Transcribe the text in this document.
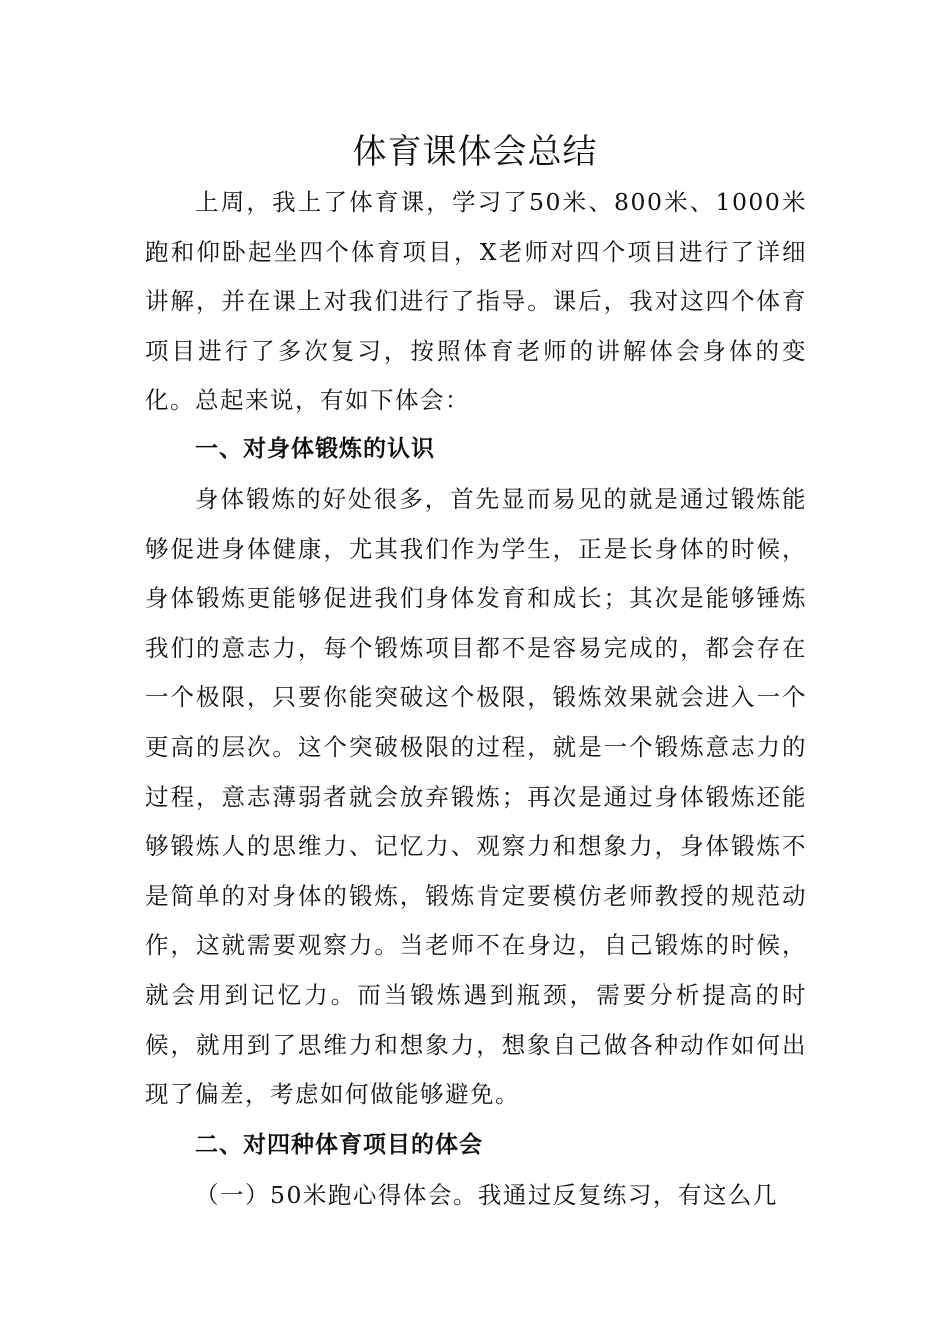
体育课体会总结

上周，我上了体育课，学习了50米、800米、1000米跑和仰卧起坐四个体育项目，X老师对四个项目进行了详细讲解，并在课上对我们进行了指导。课后，我对这四个体育项目进行了多次复习，按照体育老师的讲解体会身体的变化。总起来说，有如下体会：

一、对身体锻炼的认识

身体锻炼的好处很多，首先显而易见的就是通过锻炼能够促进身体健康，尤其我们作为学生，正是长身体的时候，身体锻炼更能够促进我们身体发育和成长；其次是能够锤炼我们的意志力，每个锻炼项目都不是容易完成的，都会存在一个极限，只要你能突破这个极限，锻炼效果就会进入一个更高的层次。这个突破极限的过程，就是一个锻炼意志力的过程，意志薄弱者就会放弃锻炼；再次是通过身体锻炼还能够锻炼人的思维力、记忆力、观察力和想象力，身体锻炼不是简单的对身体的锻炼，锻炼肯定要模仿老师教授的规范动作，这就需要观察力。当老师不在身边，自己锻炼的时候，就会用到记忆力。而当锻炼遇到瓶颈，需要分析提高的时候，就用到了思维力和想象力，想象自己做各种动作如何出现了偏差，考虑如何做能够避免。

二、对四种体育项目的体会

（一）50米跑心得体会。我通过反复练习，有这么几
